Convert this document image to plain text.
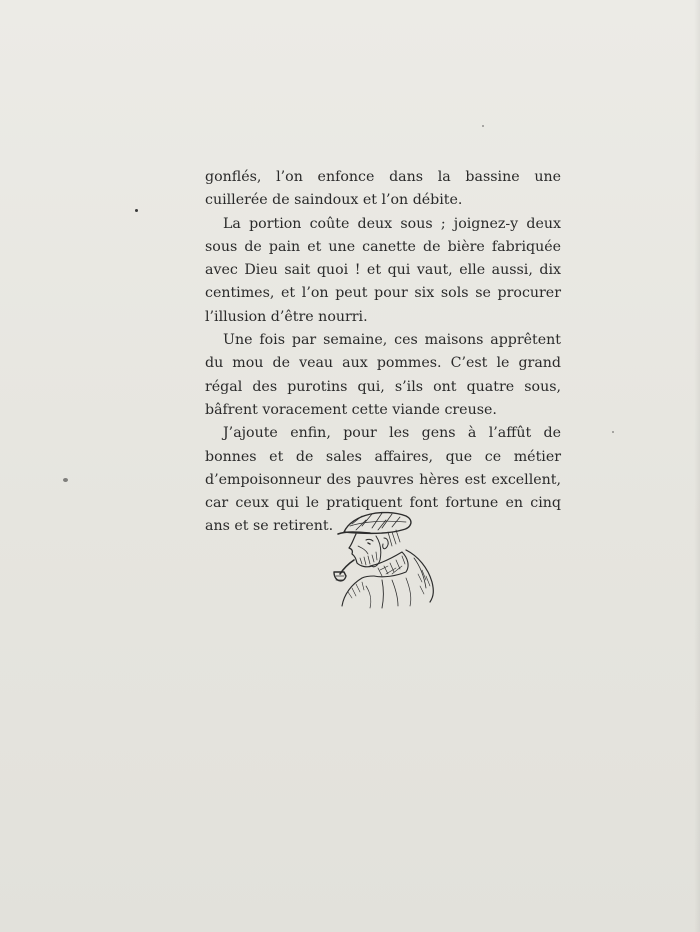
gonflés, l’on enfonce dans la bassine une cuillerée de saindoux et l’on débite.

La portion coûte deux sous ; joignez-y deux sous de pain et une canette de bière fabriquée avec Dieu sait quoi ! et qui vaut, elle aussi, dix centimes, et l’on peut pour six sols se procurer l’illusion d’être nourri.

Une fois par semaine, ces maisons apprêtent du mou de veau aux pommes. C’est le grand régal des purotins qui, s’ils ont quatre sous, bâfrent voracement cette viande creuse.

J’ajoute enfin, pour les gens à l’affût de bonnes et de sales affaires, que ce métier d’empoisonneur des pauvres hères est excellent, car ceux qui le pratiquent font fortune en cinq ans et se retirent.
